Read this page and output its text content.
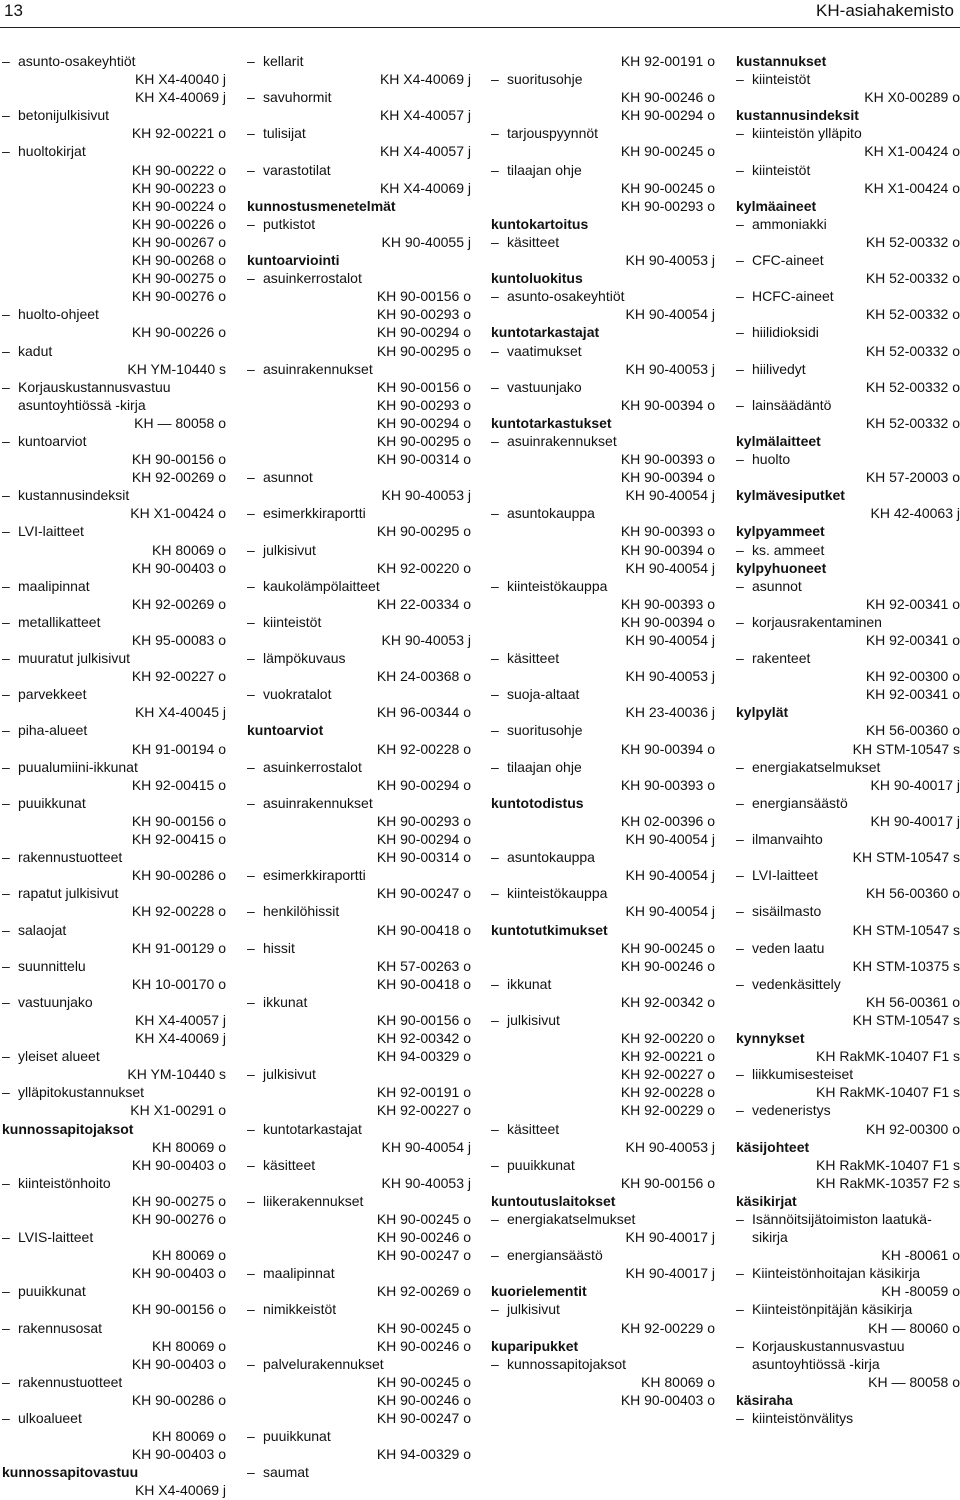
13	KH-asiahakemisto
– asunto-osakeyhtiöt
KH X4-40040 j
KH X4-40069 j
– betonijulkisivut
KH 92-00221 o
– huoltokirjat
KH 90-00222 o
KH 90-00223 o
KH 90-00224 o
KH 90-00226 o
KH 90-00267 o
KH 90-00268 o
KH 90-00275 o
KH 90-00276 o
– huolto-ohjeet
KH 90-00226 o
– kadut
KH YM-10440 s
– Korjauskustannusvastuu
asuntoyhtiössä -kirja
KH — 80058 o
– kuntoarviot
KH 90-00156 o
KH 92-00269 o
– kustannusindeksit
KH X1-00424 o
– LVI-laitteet
KH 80069 o
KH 90-00403 o
– maalipinnat
KH 92-00269 o
– metallikatteet
KH 95-00083 o
– muuratut julkisivut
KH 92-00227 o
– parvekkeet
KH X4-40045 j
– piha-alueet
KH 91-00194 o
– puualumiini-ikkunat
KH 92-00415 o
– puuikkunat
KH 90-00156 o
KH 92-00415 o
– rakennustuotteet
KH 90-00286 o
– rapatut julkisivut
KH 92-00228 o
– salaojat
KH 91-00129 o
– suunnittelu
KH 10-00170 o
– vastuunjako
KH X4-40057 j
KH X4-40069 j
– yleiset alueet
KH YM-10440 s
– ylläpitokustannukset
KH X1-00291 o
kunnossapitojaksot
KH 80069 o
KH 90-00403 o
– kiinteistönhoito
KH 90-00275 o
KH 90-00276 o
– LVIS-laitteet
KH 80069 o
KH 90-00403 o
– puuikkunat
KH 90-00156 o
– rakennusosat
KH 80069 o
KH 90-00403 o
– rakennustuotteet
KH 90-00286 o
– ulkoalueet
KH 80069 o
KH 90-00403 o
kunnossapitovastuu
KH X4-40069 j
– kellarit
KH X4-40069 j
– savuhormit
KH X4-40057 j
– tulisijat
KH X4-40057 j
– varastotilat
KH X4-40069 j
kunnostusmenetelmät
– putkistot
KH 90-40055 j
kuntoarviointi
– asuinkerrostalot
KH 90-00156 o
KH 90-00293 o
KH 90-00294 o
KH 90-00295 o
– asuinrakennukset
KH 90-00156 o
KH 90-00293 o
KH 90-00294 o
KH 90-00295 o
KH 90-00314 o
– asunnot
KH 90-40053 j
– esimerkkiraportti
KH 90-00295 o
– julkisivut
KH 92-00220 o
– kaukolämpölaitteet
KH 22-00334 o
– kiinteistöt
KH 90-40053 j
– lämpökuvaus
KH 24-00368 o
– vuokratalot
KH 96-00344 o
kuntoarviot
KH 92-00228 o
– asuinkerrostalot
KH 90-00294 o
– asuinrakennukset
KH 90-00293 o
KH 90-00294 o
KH 90-00314 o
– esimerkkiraportti
KH 90-00247 o
– henkilöhissit
KH 90-00418 o
– hissit
KH 57-00263 o
KH 90-00418 o
– ikkunat
KH 90-00156 o
KH 92-00342 o
KH 94-00329 o
– julkisivut
KH 92-00191 o
KH 92-00227 o
– kuntotarkastajat
KH 90-40054 j
– käsitteet
KH 90-40053 j
– liikerakennukset
KH 90-00245 o
KH 90-00246 o
KH 90-00247 o
– maalipinnat
KH 92-00269 o
– nimikkeistöt
KH 90-00245 o
KH 90-00246 o
– palvelurakennukset
KH 90-00245 o
KH 90-00246 o
KH 90-00247 o
– puuikkunat
KH 94-00329 o
– saumat
KH 92-00191 o
– suoritusohje
KH 90-00246 o
KH 90-00294 o
– tarjouspyynnöt
KH 90-00245 o
– tilaajan ohje
KH 90-00245 o
KH 90-00293 o
kuntokartoitus
– käsitteet
KH 90-40053 j
kuntoluokitus
– asunto-osakeyhtiöt
KH 90-40054 j
kuntotarkastajat
– vaatimukset
KH 90-40053 j
– vastuunjako
KH 90-00394 o
kuntotarkastukset
– asuinrakennukset
KH 90-00393 o
KH 90-00394 o
KH 90-40054 j
– asuntokauppa
KH 90-00393 o
KH 90-00394 o
KH 90-40054 j
– kiinteistökauppa
KH 90-00393 o
KH 90-00394 o
KH 90-40054 j
– käsitteet
KH 90-40053 j
– suoja-altaat
KH 23-40036 j
– suoritusohje
KH 90-00394 o
– tilaajan ohje
KH 90-00393 o
kuntotodistus
KH 02-00396 o
KH 90-40054 j
– asuntokauppa
KH 90-40054 j
– kiinteistökauppa
KH 90-40054 j
kuntotutkimukset
KH 90-00245 o
KH 90-00246 o
– ikkunat
KH 92-00342 o
– julkisivut
KH 92-00220 o
KH 92-00221 o
KH 92-00227 o
KH 92-00228 o
KH 92-00229 o
– käsitteet
KH 90-40053 j
– puuikkunat
KH 90-00156 o
kuntoutuslaitokset
– energiakatselmukset
KH 90-40017 j
– energiansäästö
KH 90-40017 j
kuorielementit
– julkisivut
KH 92-00229 o
kuparipukket
– kunnossapitojaksot
KH 80069 o
KH 90-00403 o
kustannukset
– kiinteistöt
KH X0-00289 o
kustannusindeksit
– kiinteistön ylläpito
KH X1-00424 o
– kiinteistöt
KH X1-00424 o
kylmäaineet
– ammoniakki
KH 52-00332 o
– CFC-aineet
KH 52-00332 o
– HCFC-aineet
KH 52-00332 o
– hiilidioksidi
KH 52-00332 o
– hiilivedyt
KH 52-00332 o
– lainsäädäntö
KH 52-00332 o
kylmälaitteet
– huolto
KH 57-20003 o
kylmävesiputket
KH 42-40063 j
kylpyammeet
– ks. ammeet
kylpyhuoneet
– asunnot
KH 92-00341 o
– korjausrakentaminen
KH 92-00341 o
– rakenteet
KH 92-00300 o
KH 92-00341 o
kylpylät
KH 56-00360 o
KH STM-10547 s
– energiakatselmukset
KH 90-40017 j
– energiansäästö
KH 90-40017 j
– ilmanvaihto
KH STM-10547 s
– LVI-laitteet
KH 56-00360 o
– sisäilmasto
KH STM-10547 s
– veden laatu
KH STM-10375 s
– vedenkäsittely
KH 56-00361 o
KH STM-10547 s
kynnykset
KH RakMK-10407 F1 s
– liikkumisesteiset
KH RakMK-10407 F1 s
– vedeneristys
KH 92-00300 o
käsijohteet
KH RakMK-10407 F1 s
KH RakMK-10357 F2 s
käsikirjat
– Isännöitsijätoimiston laatukä-
sikirja
KH -80061 o
– Kiinteistönhoitajan käsikirja
KH -80059 o
– Kiinteistönpitäjän käsikirja
KH — 80060 o
– Korjauskustannusvastuu
asuntoyhtiössä -kirja
KH — 80058 o
käsiraha
– kiinteistönvälitys
